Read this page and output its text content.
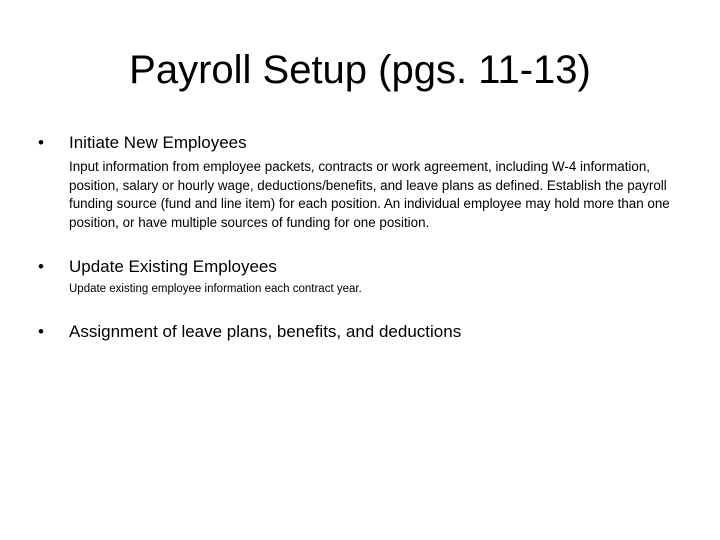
Payroll Setup (pgs. 11-13)
• Initiate New Employees
Input information from employee packets, contracts or work agreement, including W-4 information, position, salary or hourly wage, deductions/benefits, and leave plans as defined. Establish the payroll funding source (fund and line item) for each position. An individual employee may hold more than one position, or have multiple sources of funding for one position.
• Update Existing Employees
Update existing employee information each contract year.
• Assignment of leave plans, benefits, and deductions
